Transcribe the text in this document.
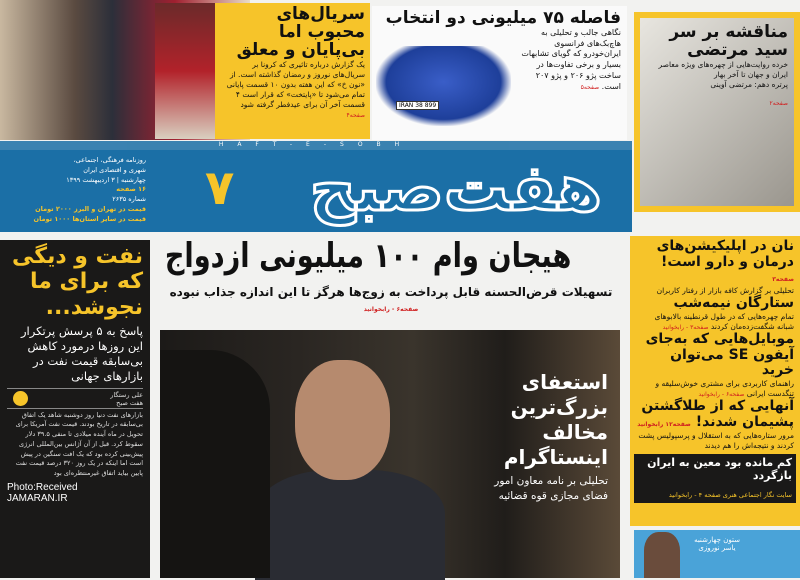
سریال‌های محبوب اما بی‌پایان و معلق

یک گزارش درباره تاثیری که کرونا بر سریال‌های نوروز و رمضان گذاشته است. از «نون خ» که این هفته بدون ۱۰ قسمت پایانی تمام می‌شود تا «پایتخت» که قرار است ۴ قسمت آخر آن برای عیدفطر گرفته شود صفحه۴

IRAN 38 899
فاصله ۷۵ میلیونی دو انتخاب

نگاهی جالب و تحلیلی به هاچ‌بک‌های فرانسوی ایران‌خودرو که گویای تشابهات بسیار و برخی تفاوت‌ها در ساخت پژو ۲۰۶ و پژو ۲۰۷ است. صفحه۵

مناقشه بر سر سید مرتضی

خرده روایت‌هایی از چهره‌های ویژه معاصر ایران و جهان تا آخر بهار

پرتره دهم: مرتضی آوینی

صفحه۲
HAFT-E-SOBH
هفت‌صبح
۷
روزنامه فرهنگی، اجتماعی،
شهری و اقتصادی ایران
چهارشنبه | ۳ اردیبهشت ۱۳۹۹
۱۶ صفحه
شماره ۲۶۳۵
قیمت در تهران و البرز ۲۰۰۰ تومان
قیمت در سایر استان‌ها ۱۰۰۰ تومان
هیجان وام ۱۰۰ میلیونی ازدواج
تسهیلات قرض‌الحسنه قابل پرداخت به زوج‌ها هرگز تا این اندازه جذاب نبوده صفحه۶ - رابخوانید
استعفای بزرگ‌ترین مخالف اینستاگرام

تحلیلی بر نامه معاون امور فضای مجازی قوه قضائیه

نفت و دیگی که برای ما نجوشد...

پاسخ به ۵ پرسش پرتکرار این روزها درمورد کاهش بی‌سابقه قیمت نفت در بازارهای جهانی

علی رستگار
هفت صبح

بازارهای نفت دنیا روز دوشنبه شاهد یک اتفاق بی‌سابقه در تاریخ بودند. قیمت نفت آمریکا برای تحویل در ماه آینده میلادی تا منفی ۳۹.۵ دلار سقوط کرد. قبل از آن آژانس بین‌المللی انرژی پیش‌بینی کرده بود که یک افت سنگین در پیش است اما اینکه در یک روز ۳۲۰ درصد قیمت نفت پایین بیاید اتفاق غیرمنتظره‌ای بود

Photo:Received
JAMARAN.IR
نان در اپلیکیشن‌های درمان و دارو است! صفحه۳

تحلیلی بر گزارش کافه بازار از رفتار کاربران

ستارگان نیمه‌شب

تمام چهره‌هایی که در طول قرنطینه بالابوهای شبانه شگفت‌زده‌مان کردند صفحه۳ - رابخوانید

موبایل‌هایی که به‌جای آیفون SE می‌توان خرید

راهنمای کاربردی برای مشتری خوش‌سلیقه و تنگدست ایرانی صفحه۶ - رابخوانید

آنهایی که از طلاگشتن پشیمان شدند! صفحه۱۲ رابخوانید

مرور ستاره‌هایی که به استقلال و پرسپولیس پشت کردند و نتیجه‌اش را هم دیدند

کم مانده بود معین به ایران بازگردد
سایت نگار اجتماعی هنری صفحه ۴ - رابخوانید
ستون چهارشنبه
یاسر نوروزی
